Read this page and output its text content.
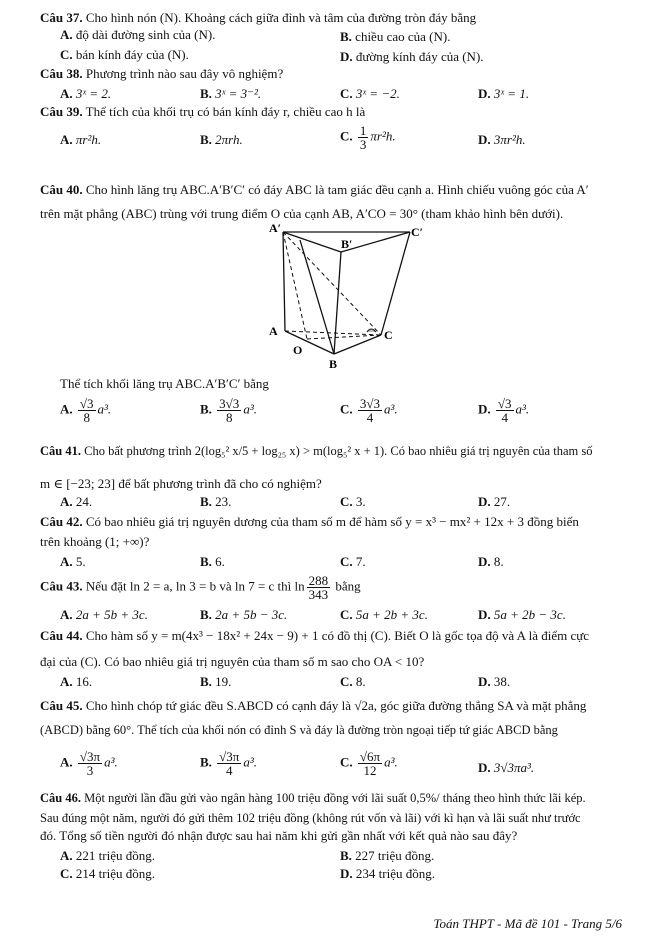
Câu 37. Cho hình nón (N). Khoảng cách giữa đỉnh và tâm của đường tròn đáy bằng
A. độ dài đường sinh của (N).	B. chiều cao của (N).
C. bán kính đáy của (N).	D. đường kính đáy của (N).
Câu 38. Phương trình nào sau đây vô nghiệm?
A. 3ˣ = 2.	B. 3ˣ = 3⁻².	C. 3ˣ = −2.	D. 3ˣ = 1.
Câu 39. Thể tích của khối trụ có bán kính đáy r, chiều cao h là
A. πr²h.	B. 2πrh.	C. $\frac{1}{3} \pi r^2h$.	D. 3πr²h.
Câu 40. Cho hình lăng trụ ABC.A′B′C′ có đáy ABC là tam giác đều cạnh a. Hình chiếu vuông góc của A′
trên mặt phẳng (ABC) trùng với trung điểm O của cạnh AB, A′CO = 30° (tham khảo hình bên dưới).
A′
B′
C′
A	C
O
B
Thể tích khối lăng trụ ABC.A′B′C′ bằng
A. $\frac{√3}{8} a^3$.	B. $\frac{3√3}{8} a^3$.	C. $\frac{3√3}{4} a^3$.	D. $\frac{√3}{4} a^3$.
Câu 41. Cho bất phương trình 2(log₅² x/5 + log₂₅ x) > m(log₅² x + 1). Có bao nhiêu giá trị nguyên của tham số
m ∈ [−23; 23] để bất phương trình đã cho có nghiệm?
A. 24.	B. 23.	C. 3.	D. 27.
Câu 42. Có bao nhiêu giá trị nguyên dương của tham số m để hàm số y = x³ − mx² + 12x + 3 đồng biến
trên khoảng (1; +∞)?
A. 5.	B. 6.	C. 7.	D. 8.
Câu 43. Nếu đặt ln 2 = a, ln 3 = b và ln 7 = c thì $\ln \frac{288}{343}$ bằng
A. 2a + 5b + 3c.	B. 2a + 5b − 3c.	C. 5a + 2b + 3c.	D. 5a + 2b − 3c.
Câu 44. Cho hàm số y = m(4x³ − 18x² + 24x − 9) + 1 có đồ thị (C). Biết O là gốc tọa độ và A là điểm cực
đại của (C). Có bao nhiêu giá trị nguyên của tham số m sao cho OA < 10?
A. 16.	B. 19.	C. 8.	D. 38.
Câu 45. Cho hình chóp tứ giác đều S.ABCD có cạnh đáy là √2a, góc giữa đường thẳng SA và mặt phẳng
(ABCD) bằng 60°. Thể tích của khối nón có đỉnh S và đáy là đường tròn ngoại tiếp tứ giác ABCD bằng
A. $\frac{√3\pi}{3} a^3$.	B. $\frac{√3\pi}{4} a^3$.	C. $\frac{√6\pi}{12} a^3$.	D. 3√3πa³.
Câu 46. Một người lần đầu gửi vào ngân hàng 100 triệu đồng với lãi suất 0,5%/ tháng theo hình thức lãi kép.
Sau đúng một năm, người đó gửi thêm 102 triệu đồng (không rút vốn và lãi) với kì hạn và lãi suất như trước
đó. Tổng số tiền người đó nhận được sau hai năm khi gửi gần nhất với kết quả nào sau đây?
A. 221 triệu đồng.	B. 227 triệu đồng.
C. 214 triệu đồng.	D. 234 triệu đồng.
Toán THPT - Mã đề 101 - Trang 5/6
